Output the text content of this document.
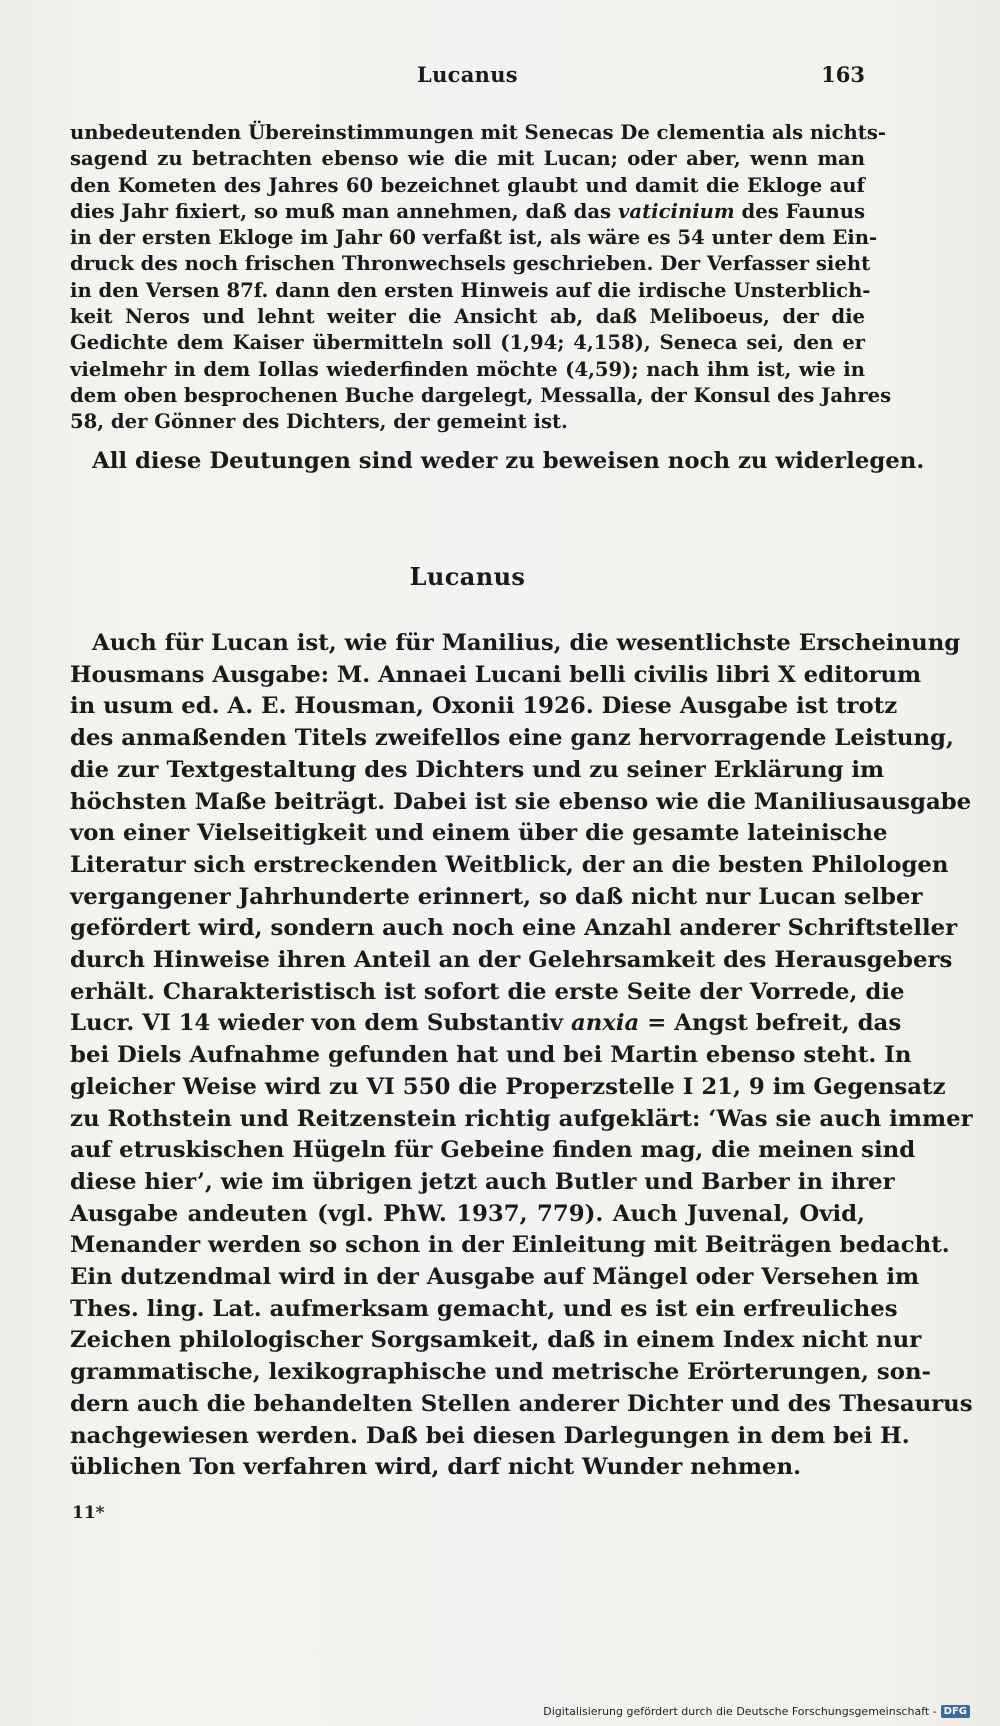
Lucanus	163
unbedeutenden Übereinstimmungen mit Senecas De clementia als nichts-
sagend zu betrachten ebenso wie die mit Lucan; oder aber, wenn man
den Kometen des Jahres 60 bezeichnet glaubt und damit die Ekloge auf
dies Jahr fixiert, so muß man annehmen, daß das vaticinium des Faunus
in der ersten Ekloge im Jahr 60 verfaßt ist, als wäre es 54 unter dem Ein-
druck des noch frischen Thronwechsels geschrieben. Der Verfasser sieht
in den Versen 87f. dann den ersten Hinweis auf die irdische Unsterblich-
keit Neros und lehnt weiter die Ansicht ab, daß Meliboeus, der die
Gedichte dem Kaiser übermitteln soll (1,94; 4,158), Seneca sei, den er
vielmehr in dem Iollas wiederfinden möchte (4,59); nach ihm ist, wie in
dem oben besprochenen Buche dargelegt, Messalla, der Konsul des Jahres
58, der Gönner des Dichters, der gemeint ist.
All diese Deutungen sind weder zu beweisen noch zu widerlegen.
Lucanus
Auch für Lucan ist, wie für Manilius, die wesentlichste Erscheinung
Housmans Ausgabe: M. Annaei Lucani belli civilis libri X editorum
in usum ed. A. E. Housman, Oxonii 1926. Diese Ausgabe ist trotz
des anmaßenden Titels zweifellos eine ganz hervorragende Leistung,
die zur Textgestaltung des Dichters und zu seiner Erklärung im
höchsten Maße beiträgt. Dabei ist sie ebenso wie die Maniliusausgabe
von einer Vielseitigkeit und einem über die gesamte lateinische
Literatur sich erstreckenden Weitblick, der an die besten Philologen
vergangener Jahrhunderte erinnert, so daß nicht nur Lucan selber
gefördert wird, sondern auch noch eine Anzahl anderer Schriftsteller
durch Hinweise ihren Anteil an der Gelehrsamkeit des Herausgebers
erhält. Charakteristisch ist sofort die erste Seite der Vorrede, die
Lucr. VI 14 wieder von dem Substantiv anxia = Angst befreit, das
bei Diels Aufnahme gefunden hat und bei Martin ebenso steht. In
gleicher Weise wird zu VI 550 die Properzstelle I 21, 9 im Gegensatz
zu Rothstein und Reitzenstein richtig aufgeklärt: ‘Was sie auch immer
auf etruskischen Hügeln für Gebeine finden mag, die meinen sind
diese hier’, wie im übrigen jetzt auch Butler und Barber in ihrer
Ausgabe andeuten (vgl. PhW. 1937, 779). Auch Juvenal, Ovid,
Menander werden so schon in der Einleitung mit Beiträgen bedacht.
Ein dutzendmal wird in der Ausgabe auf Mängel oder Versehen im
Thes. ling. Lat. aufmerksam gemacht, und es ist ein erfreuliches
Zeichen philologischer Sorgsamkeit, daß in einem Index nicht nur
grammatische, lexikographische und metrische Erörterungen, son-
dern auch die behandelten Stellen anderer Dichter und des Thesaurus
nachgewiesen werden. Daß bei diesen Darlegungen in dem bei H.
üblichen Ton verfahren wird, darf nicht Wunder nehmen.
11*
Digitalisierung gefördert durch die Deutsche Forschungsgemeinschaft - DFG
